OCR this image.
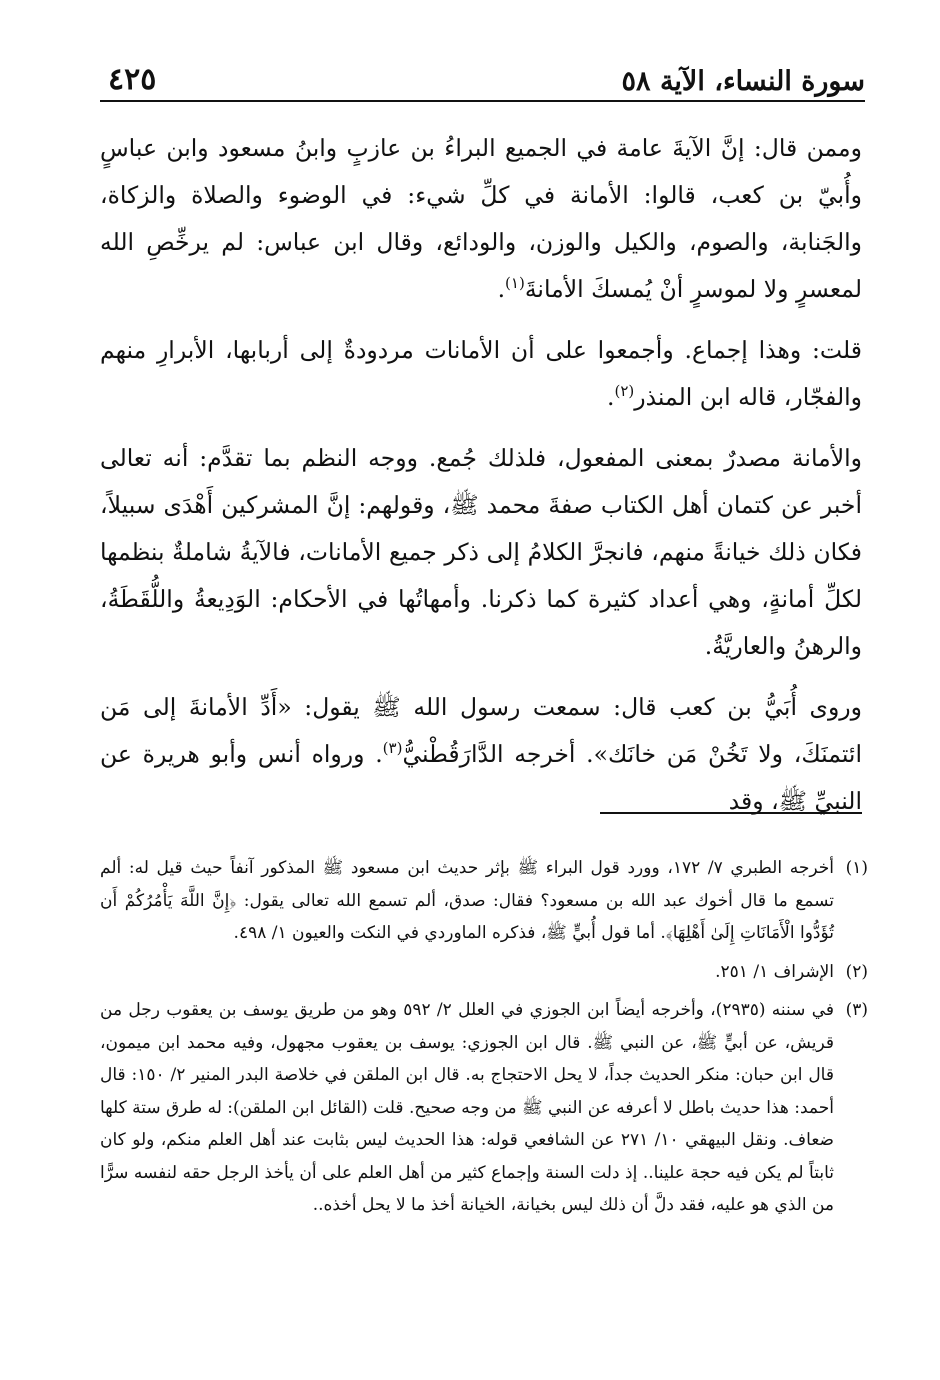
سورة النساء، الآية ٥٨
٤٢٥

وممن قال: إنَّ الآيةَ عامة في الجميع البراءُ بن عازبٍ وابنُ مسعود وابن عباسٍ وأُبيّ بن كعب، قالوا: الأمانة في كلِّ شيء: في الوضوء والصلاة والزكاة، والجَنابة، والصوم، والكيل والوزن، والودائع، وقال ابن عباس: لم يرخِّصِ الله لمعسرٍ ولا لموسرٍ أنْ يُمسكَ الأمانةَ$^{(١)}$.

قلت: وهذا إجماع. وأجمعوا على أن الأمانات مردودةٌ إلى أربابها، الأبرارِ منهم والفجّار، قاله ابن المنذر$^{(٢)}$.

والأمانة مصدرٌ بمعنى المفعول، فلذلك جُمع. ووجه النظم بما تقدَّم: أنه تعالى أخبر عن كتمان أهل الكتاب صفةَ محمد ﷺ، وقولهم: إنَّ المشركين أَهْدَى سبيلاً، فكان ذلك خيانةً منهم، فانجرَّ الكلامُ إلى ذكر جميع الأمانات، فالآيةُ شاملةٌ بنظمها لكلِّ أمانةٍ، وهي أعداد كثيرة كما ذكرنا. وأمهاتُها في الأحكام: الوَدِيعةُ واللُّقَطَةُ، والرهنُ والعاريَّةُ.

وروى أُبَيُّ بن كعب قال: سمعت رسول الله ﷺ يقول: «أَدِّ الأمانةَ إلى مَن ائتمنَكَ، ولا تَخُنْ مَن خانَك». أخرجه الدَّارَقُطْنيُّ$^{(٣)}$. ورواه أنس وأبو هريرة عن النبيِّ ﷺ، وقد

(١)
أخرجه الطبري ٧/ ١٧٢، وورد قول البراء ﷺ بإثر حديث ابن مسعود ﷺ المذكور آنفاً حيث قيل له: ألم تسمع ما قال أخوك عبد الله بن مسعود؟ فقال: صدق، ألم تسمع الله تعالى يقول: ﴿إِنَّ اللَّهَ يَأْمُرُكُمْ أَن تُؤَدُّوا الْأَمَانَاتِ إِلَىٰ أَهْلِهَا﴾. أما قول أُبيٍّ ﷺ، فذكره الماوردي في النكت والعيون ١/ ٤٩٨.

(٢)
الإشراف ١/ ٢٥١.

(٣)
في سننه (٢٩٣٥)، وأخرجه أيضاً ابن الجوزي في العلل ٢/ ٥٩٢ وهو من طريق يوسف بن يعقوب رجل من قريش، عن أبيٍّ ﷺ، عن النبي ﷺ. قال ابن الجوزي: يوسف بن يعقوب مجهول، وفيه محمد ابن ميمون، قال ابن حبان: منكر الحديث جداً، لا يحل الاحتجاج به. قال ابن الملقن في خلاصة البدر المنير ٢/ ١٥٠: قال أحمد: هذا حديث باطل لا أعرفه عن النبي ﷺ من وجه صحيح. قلت (القائل ابن الملقن): له طرق ستة كلها ضعاف. ونقل البيهقي ١٠/ ٢٧١ عن الشافعي قوله: هذا الحديث ليس بثابت عند أهل العلم منكم، ولو كان ثابتاً لم يكن فيه حجة علينا.. إذ دلت السنة وإجماع كثير من أهل العلم على أن يأخذ الرجل حقه لنفسه سرًّا من الذي هو عليه، فقد دلَّ أن ذلك ليس بخيانة، الخيانة أخذ ما لا يحل أخذه..
